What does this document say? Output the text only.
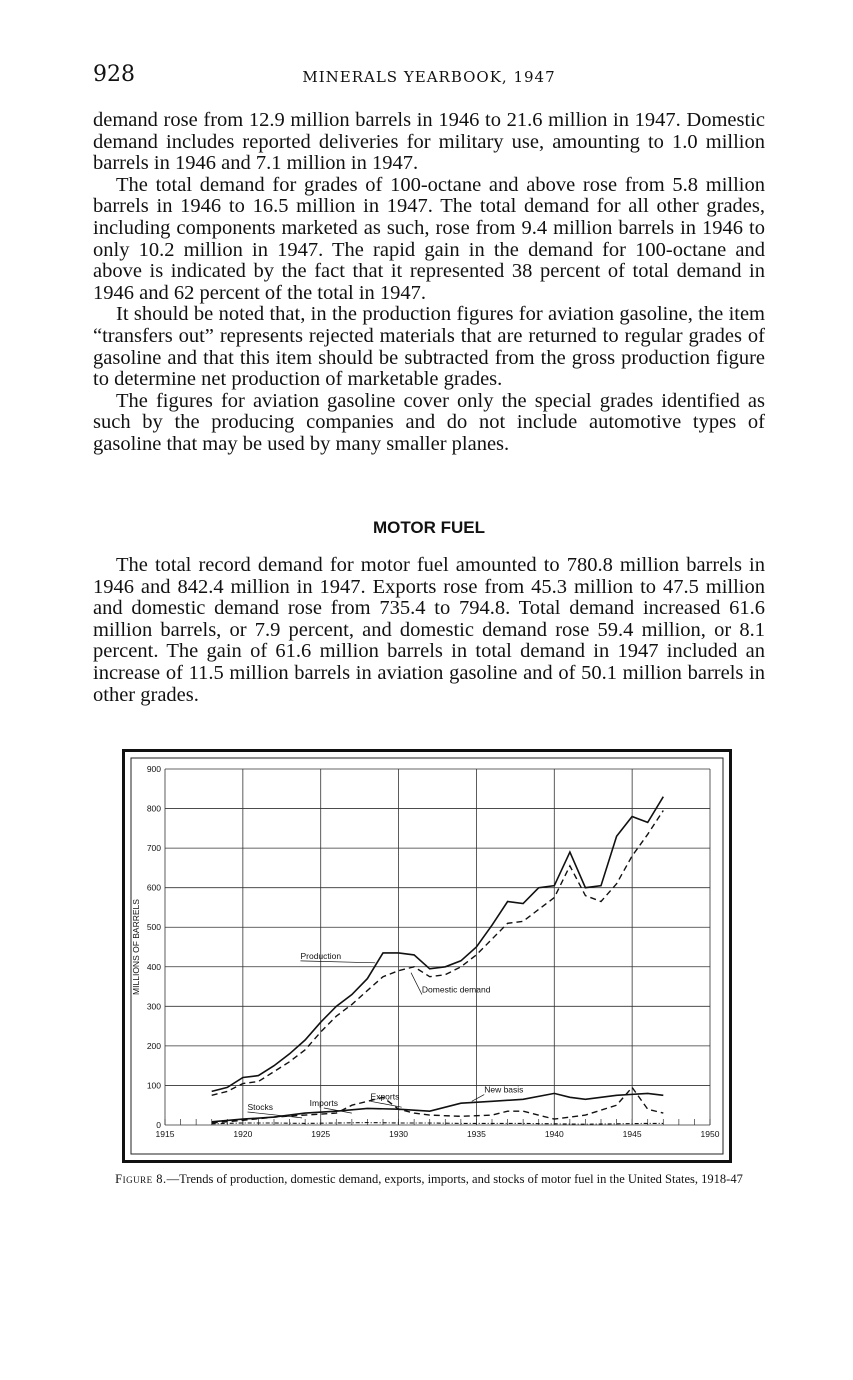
928	MINERALS YEARBOOK, 1947

demand rose from 12.9 million barrels in 1946 to 21.6 million in 1947. Domestic demand includes reported deliveries for military use, amounting to 1.0 million barrels in 1946 and 7.1 million in 1947.

The total demand for grades of 100-octane and above rose from 5.8 million barrels in 1946 to 16.5 million in 1947. The total demand for all other grades, including components marketed as such, rose from 9.4 million barrels in 1946 to only 10.2 million in 1947. The rapid gain in the demand for 100-octane and above is indicated by the fact that it represented 38 percent of total demand in 1946 and 62 percent of the total in 1947.

It should be noted that, in the production figures for aviation gasoline, the item “transfers out” represents rejected materials that are returned to regular grades of gasoline and that this item should be subtracted from the gross production figure to determine net production of marketable grades.

The figures for aviation gasoline cover only the special grades identified as such by the producing companies and do not include automotive types of gasoline that may be used by many smaller planes.

MOTOR FUEL

The total record demand for motor fuel amounted to 780.8 million barrels in 1946 and 842.4 million in 1947. Exports rose from 45.3 million to 47.5 million and domestic demand rose from 735.4 to 794.8. Total demand increased 61.6 million barrels, or 7.9 percent, and domestic demand rose 59.4 million, or 8.1 percent. The gain of 61.6 million barrels in total demand in 1947 included an increase of 11.5 million barrels in aviation gasoline and of 50.1 million barrels in other grades.

0
100
200
300
400
500
600
700
800
900
1915	1920	1925	1930	1935	1940	1945	1950
MILLIONS OF BARRELS	Production
Domestic demand
Exports
Imports
Stocks
New basis
Figure 8.—Trends of production, domestic demand, exports, imports, and stocks of motor fuel in the United States, 1918-47
